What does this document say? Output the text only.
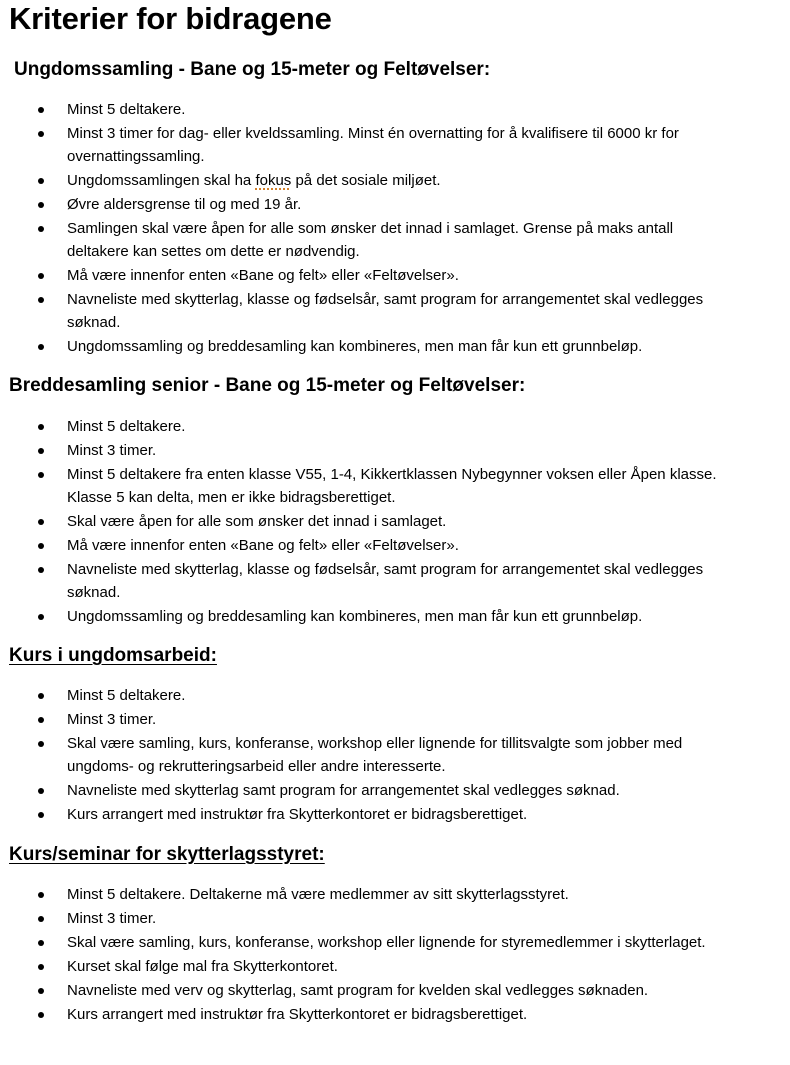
Kriterier for bidragene
Ungdomssamling - Bane og 15-meter og Feltøvelser:
Minst 5 deltakere.
Minst 3 timer for dag- eller kveldssamling. Minst én overnatting for å kvalifisere til 6000 kr for overnattingssamling.
Ungdomssamlingen skal ha fokus på det sosiale miljøet.
Øvre aldersgrense til og med 19 år.
Samlingen skal være åpen for alle som ønsker det innad i samlaget. Grense på maks antall deltakere kan settes om dette er nødvendig.
Må være innenfor enten «Bane og felt» eller «Feltøvelser».
Navneliste med skytterlag, klasse og fødselsår, samt program for arrangementet skal vedlegges søknad.
Ungdomssamling og breddesamling kan kombineres, men man får kun ett grunnbeløp.
Breddesamling senior - Bane og 15-meter og Feltøvelser:
Minst 5 deltakere.
Minst 3 timer.
Minst 5 deltakere fra enten klasse V55, 1-4, Kikkertklassen Nybegynner voksen eller Åpen klasse. Klasse 5 kan delta, men er ikke bidragsberettiget.
Skal være åpen for alle som ønsker det innad i samlaget.
Må være innenfor enten «Bane og felt» eller «Feltøvelser».
Navneliste med skytterlag, klasse og fødselsår, samt program for arrangementet skal vedlegges søknad.
Ungdomssamling og breddesamling kan kombineres, men man får kun ett grunnbeløp.
Kurs i ungdomsarbeid:
Minst 5 deltakere.
Minst 3 timer.
Skal være samling, kurs, konferanse, workshop eller lignende for tillitsvalgte som jobber med ungdoms- og rekrutteringsarbeid eller andre interesserte.
Navneliste med skytterlag samt program for arrangementet skal vedlegges søknad.
Kurs arrangert med instruktør fra Skytterkontoret er bidragsberettiget.
Kurs/seminar for skytterlagsstyret:
Minst 5 deltakere. Deltakerne må være medlemmer av sitt skytterlagsstyret.
Minst 3 timer.
Skal være samling, kurs, konferanse, workshop eller lignende for styremedlemmer i skytterlaget.
Kurset skal følge mal fra Skytterkontoret.
Navneliste med verv og skytterlag, samt program for kvelden skal vedlegges søknaden.
Kurs arrangert med instruktør fra Skytterkontoret er bidragsberettiget.
